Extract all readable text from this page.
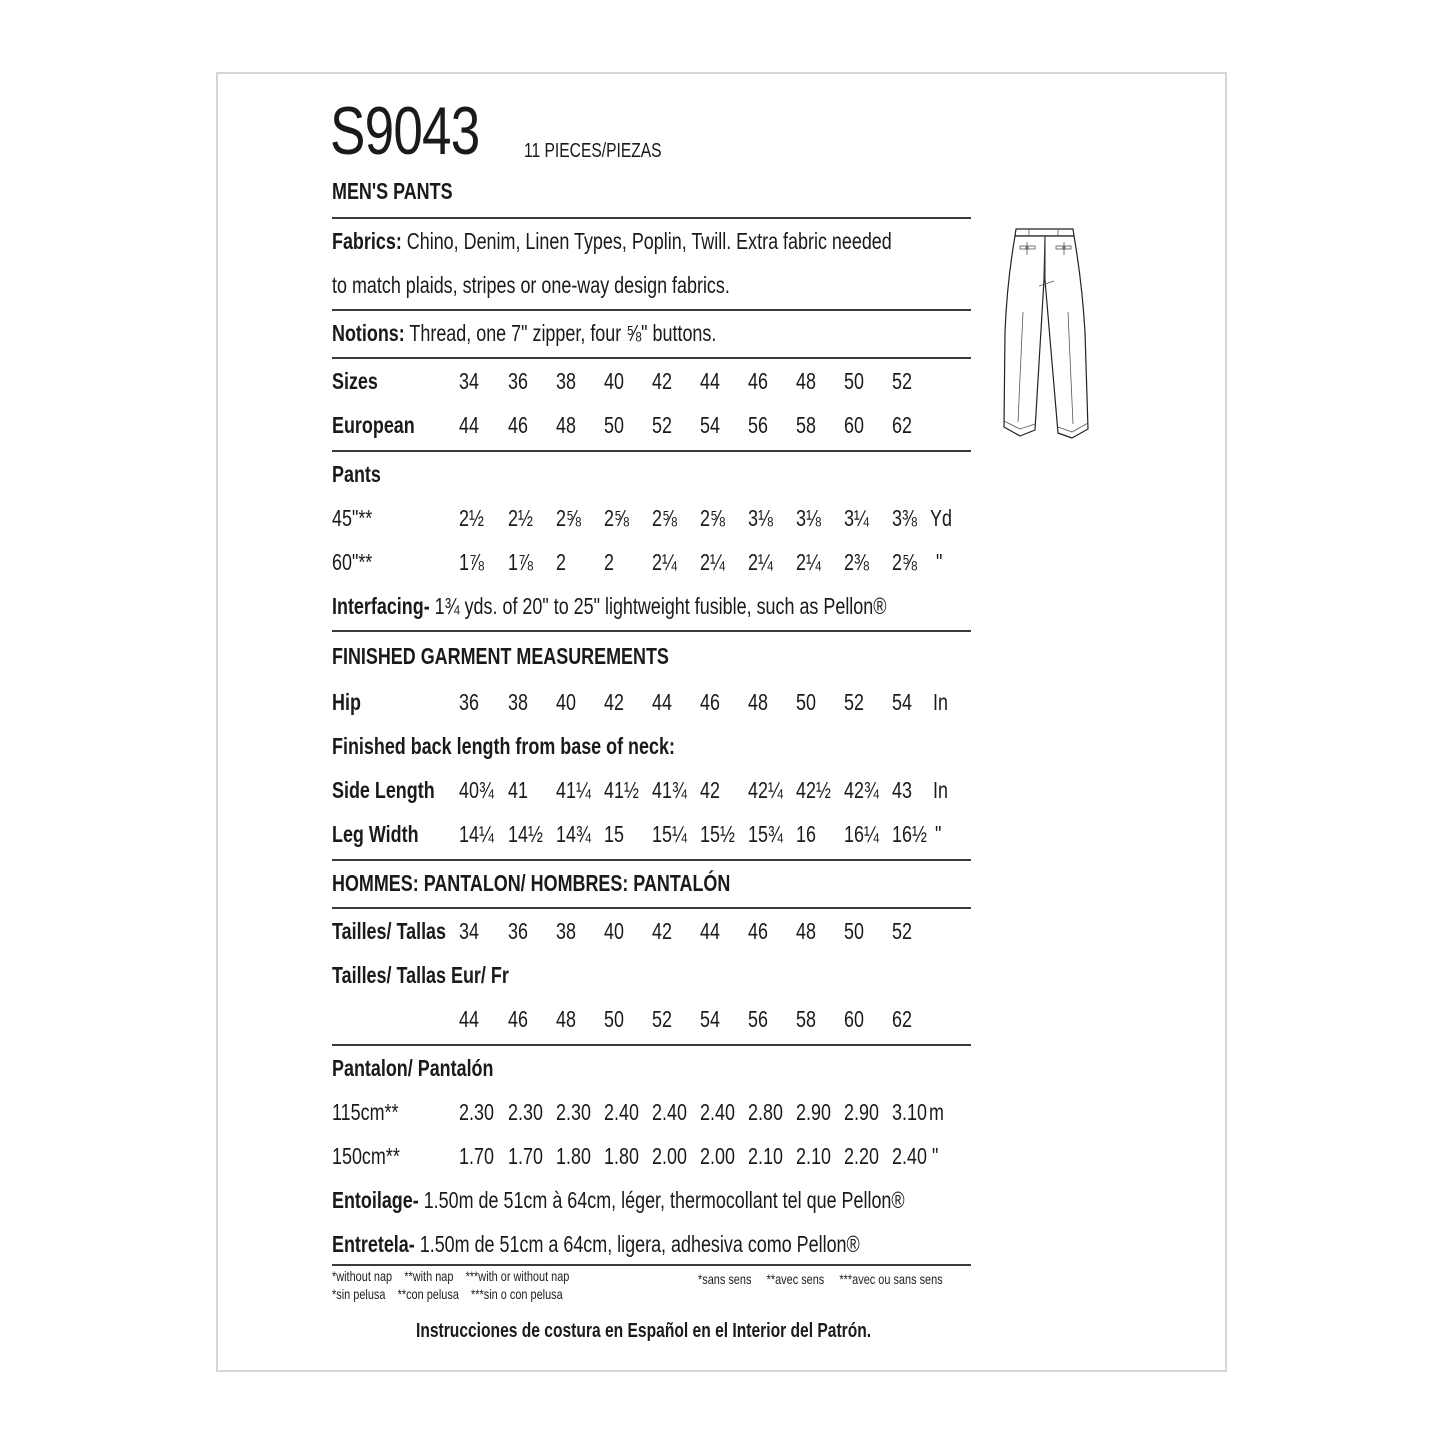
S9043	11 PIECES/PIEZAS
MEN'S PANTS
Fabrics: Chino, Denim, Linen Types, Poplin, Twill. Extra fabric needed
to match plaids, stripes or one-way design fabrics.
Notions: Thread, one 7" zipper, four ⅝" buttons.
Sizes	34 36 38 40 42 44 46 48 50 52
European	44 46 48 50 52 54 56 58 60 62
Pants
45"**	2½	2½	2⅝	2⅝	2⅝	2⅝	3⅛	3⅛	3¼	3⅜ Yd
60"**	1⅞	1⅞	2 2 2¼	2¼	2¼	2¼	2⅜	2⅝ "
Interfacing- 1¾ yds. of 20" to 25" lightweight fusible, such as Pellon®
FINISHED GARMENT MEASUREMENTS
Hip	36 38 40 42 44 46 48 50 52 54 In
Finished back length from base of neck:
Side Length	40¾ 41 41¼ 41½ 41¾ 42 42¼ 42½ 42¾ 43 In
Leg Width	14¼ 14½ 14¾ 15 15¼ 15½ 15¾ 16 16¼ 16½ "
HOMMES: PANTALON/ HOMBRES: PANTALÓN
Tailles/ Tallas 34 36 38 40 42 44 46 48 50 52
Tailles/ Tallas Eur/ Fr
44 46 48 50 52 54 56 58 60 62
Pantalon/ Pantalón
115cm**	2.30 2.30 2.30 2.40 2.40 2.40 2.80 2.90 2.90 3.10 m
150cm**	1.70 1.70 1.80 1.80 2.00 2.00 2.10 2.10 2.20 2.40 "
Entoilage- 1.50m de 51cm à 64cm, léger, thermocollant tel que Pellon®
Entretela- 1.50m de 51cm a 64cm, ligera, adhesiva como Pellon®
*without nap **with nap ***with or without nap
*sin pelusa **con pelusa ***sin o con pelusa
*sans sens **avec sens ***avec ou sans sens
Instrucciones de costura en Español en el Interior del Patrón.
